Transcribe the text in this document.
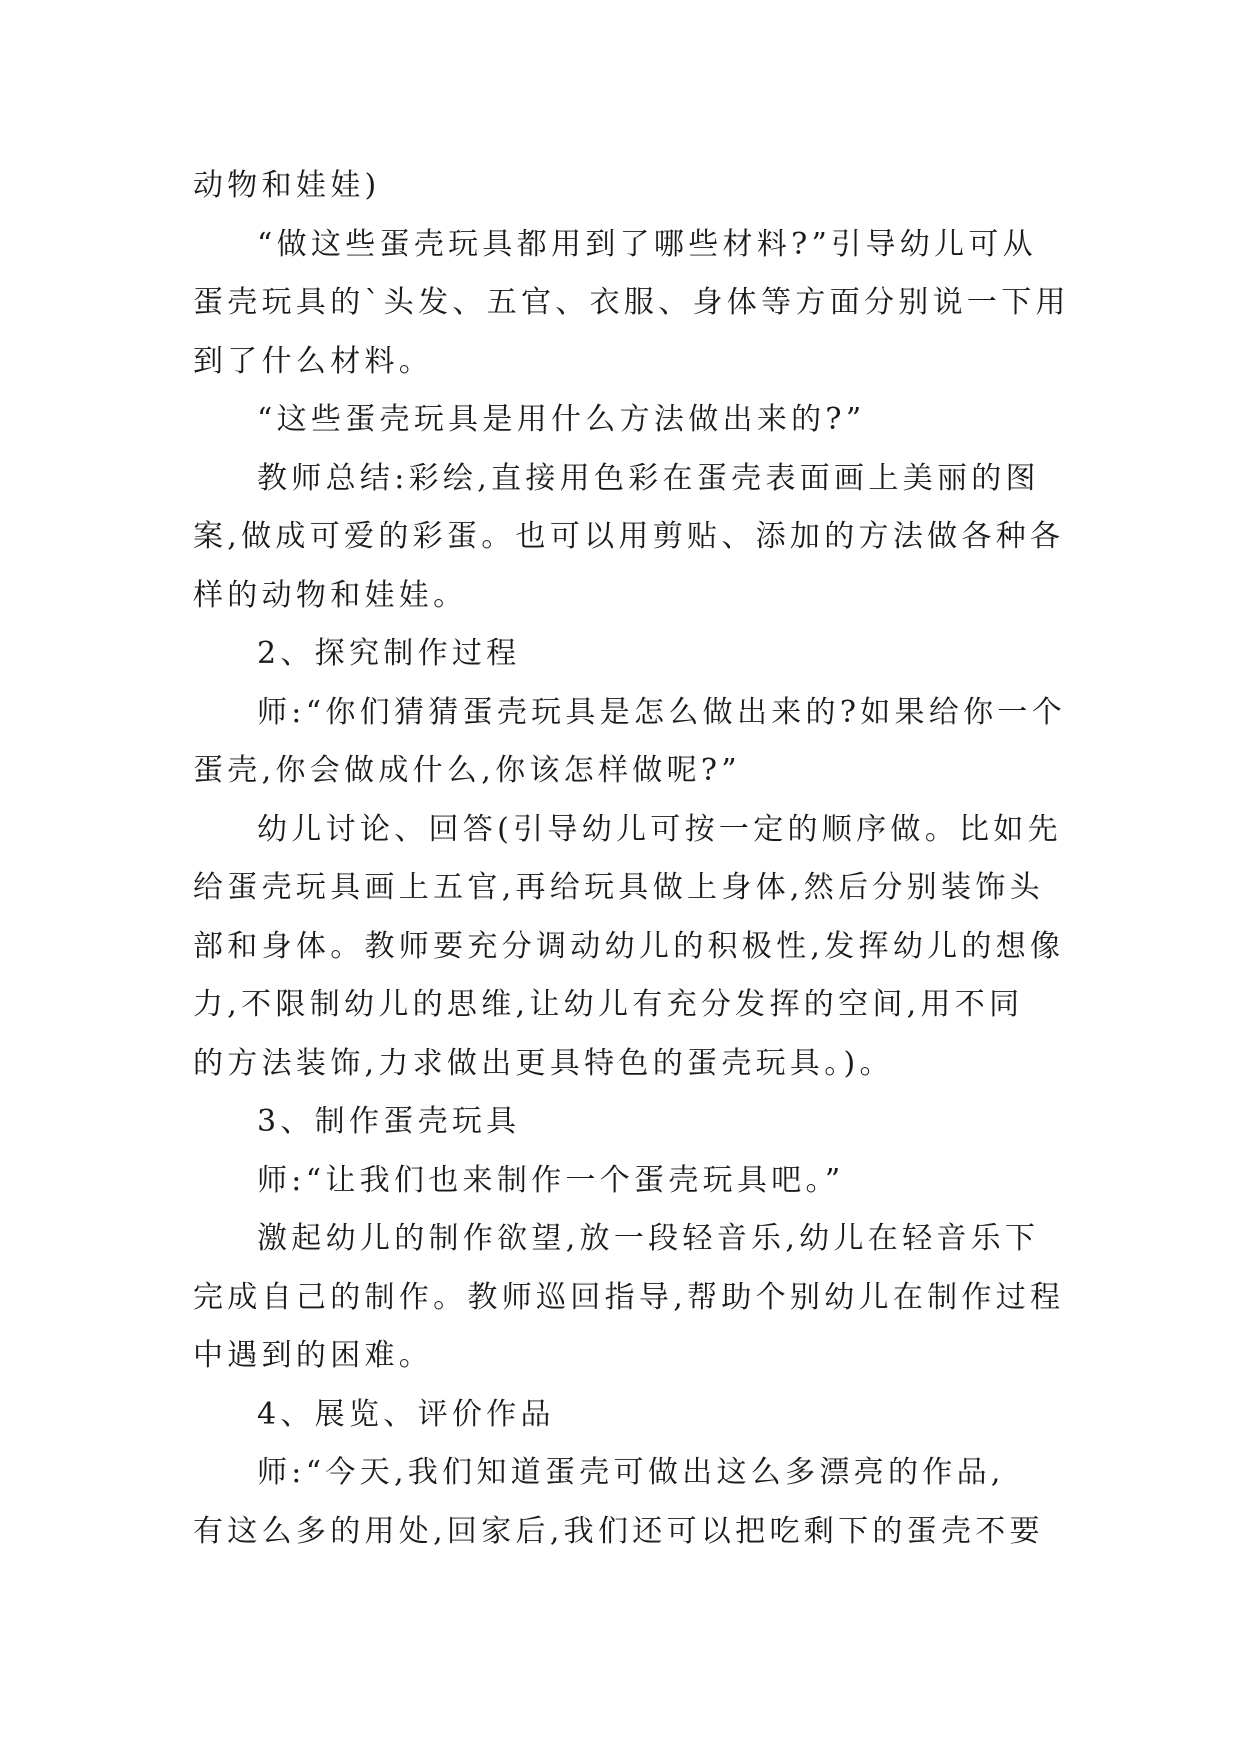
动物和娃娃)
“做这些蛋壳玩具都用到了哪些材料?”引导幼儿可从
蛋壳玩具的`头发、五官、衣服、身体等方面分别说一下用
到了什么材料。
“这些蛋壳玩具是用什么方法做出来的?”
教师总结:彩绘,直接用色彩在蛋壳表面画上美丽的图
案,做成可爱的彩蛋。也可以用剪贴、添加的方法做各种各
样的动物和娃娃。
2、探究制作过程
师:“你们猜猜蛋壳玩具是怎么做出来的?如果给你一个
蛋壳,你会做成什么,你该怎样做呢?”
幼儿讨论、回答(引导幼儿可按一定的顺序做。比如先
给蛋壳玩具画上五官,再给玩具做上身体,然后分别装饰头
部和身体。教师要充分调动幼儿的积极性,发挥幼儿的想像
力,不限制幼儿的思维,让幼儿有充分发挥的空间,用不同
的方法装饰,力求做出更具特色的蛋壳玩具。)。
3、制作蛋壳玩具
师:“让我们也来制作一个蛋壳玩具吧。”
激起幼儿的制作欲望,放一段轻音乐,幼儿在轻音乐下
完成自己的制作。教师巡回指导,帮助个别幼儿在制作过程
中遇到的困难。
4、展览、评价作品
师:“今天,我们知道蛋壳可做出这么多漂亮的作品,
有这么多的用处,回家后,我们还可以把吃剩下的蛋壳不要
